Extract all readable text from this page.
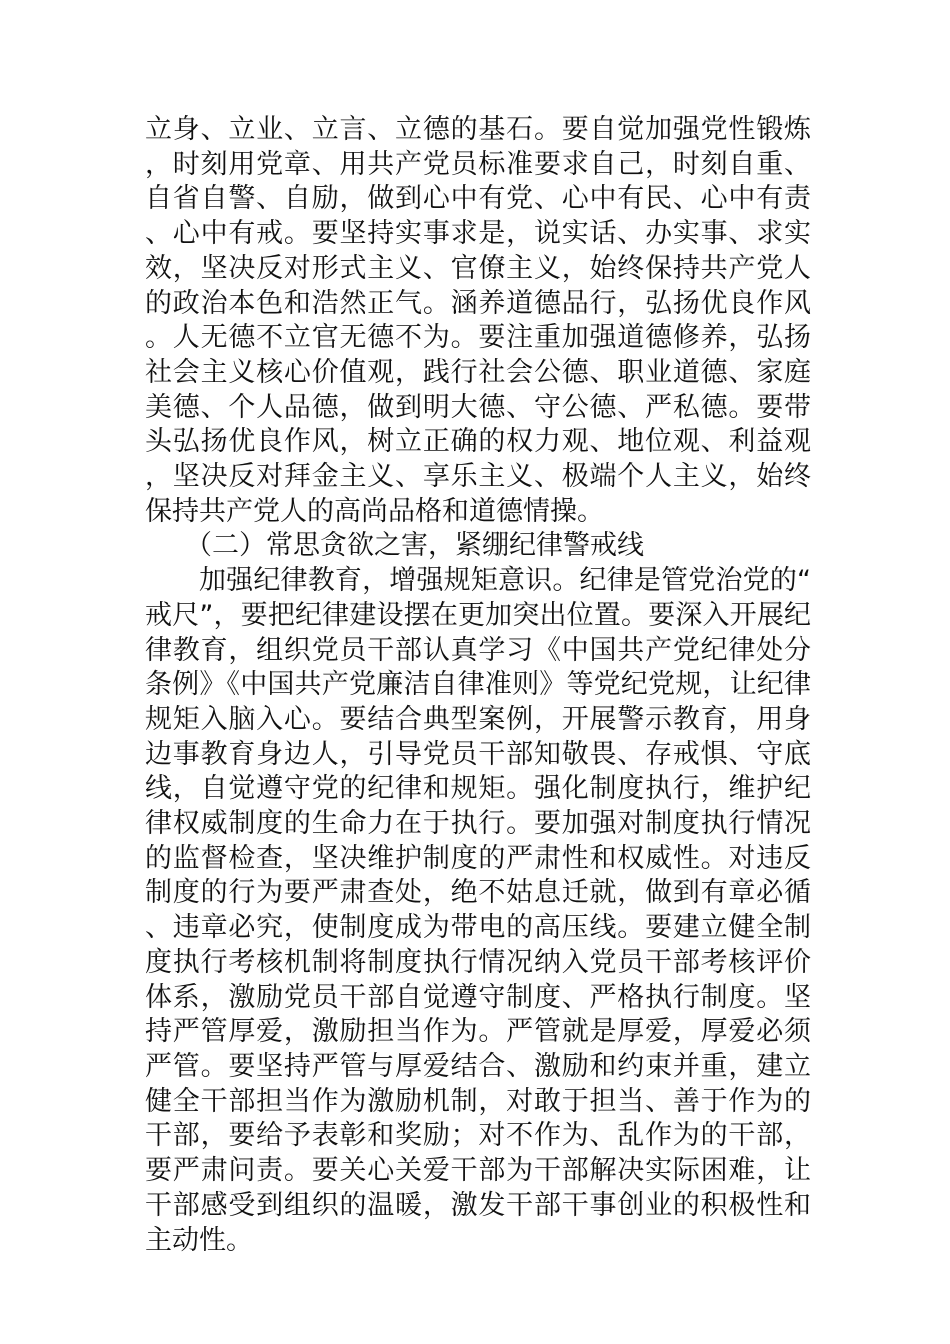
立身、立业、立言、立德的基石。要自觉加强党性锻炼，时刻用党章、用共产党员标准要求自己，时刻自重、自省自警、自励，做到心中有党、心中有民、心中有责、心中有戒。要坚持实事求是，说实话、办实事、求实效，坚决反对形式主义、官僚主义，始终保持共产党人的政治本色和浩然正气。涵养道德品行，弘扬优良作风。人无德不立官无德不为。要注重加强道德修养，弘扬社会主义核心价值观，践行社会公德、职业道德、家庭美德、个人品德，做到明大德、守公德、严私德。要带头弘扬优良作风，树立正确的权力观、地位观、利益观，坚决反对拜金主义、享乐主义、极端个人主义，始终保持共产党人的高尚品格和道德情操。

（二）常思贪欲之害，紧绷纪律警戒线

加强纪律教育，增强规矩意识。纪律是管党治党的“戒尺”，要把纪律建设摆在更加突出位置。要深入开展纪律教育，组织党员干部认真学习《中国共产党纪律处分条例》《中国共产党廉洁自律准则》等党纪党规，让纪律规矩入脑入心。要结合典型案例，开展警示教育，用身边事教育身边人，引导党员干部知敬畏、存戒惧、守底线，自觉遵守党的纪律和规矩。强化制度执行，维护纪律权威制度的生命力在于执行。要加强对制度执行情况的监督检查，坚决维护制度的严肃性和权威性。对违反制度的行为要严肃查处，绝不姑息迁就，做到有章必循、违章必究，使制度成为带电的高压线。要建立健全制度执行考核机制将制度执行情况纳入党员干部考核评价体系，激励党员干部自觉遵守制度、严格执行制度。坚持严管厚爱，激励担当作为。严管就是厚爱，厚爱必须严管。要坚持严管与厚爱结合、激励和约束并重，建立健全干部担当作为激励机制，对敢于担当、善于作为的干部，要给予表彰和奖励；对不作为、乱作为的干部，要严肃问责。要关心关爱干部为干部解决实际困难，让干部感受到组织的温暖，激发干部干事创业的积极性和主动性。
